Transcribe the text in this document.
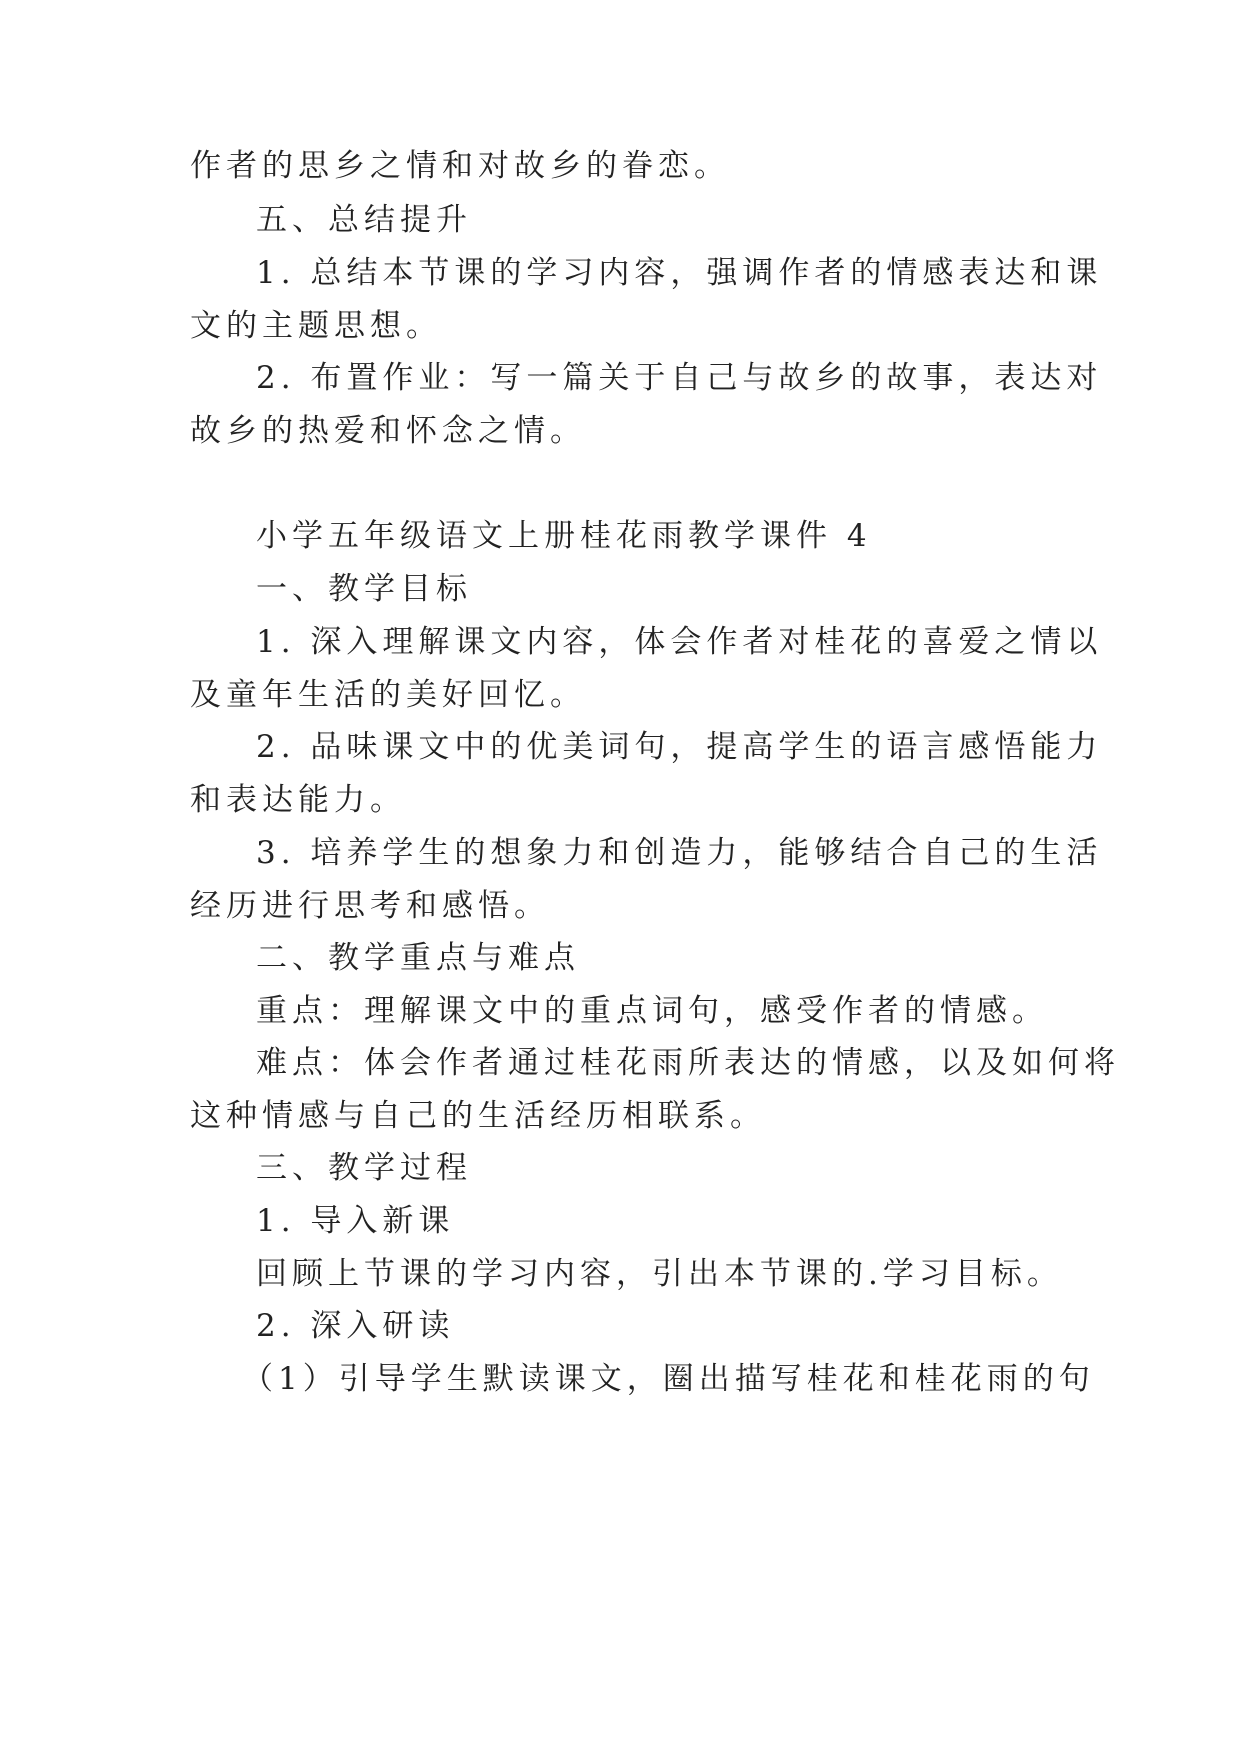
作者的思乡之情和对故乡的眷恋。
五、总结提升
1. 总结本节课的学习内容，强调作者的情感表达和课
文的主题思想。
2. 布置作业：写一篇关于自己与故乡的故事，表达对
故乡的热爱和怀念之情。
小学五年级语文上册桂花雨教学课件 4
一、教学目标
1. 深入理解课文内容，体会作者对桂花的喜爱之情以
及童年生活的美好回忆。
2. 品味课文中的优美词句，提高学生的语言感悟能力
和表达能力。
3. 培养学生的想象力和创造力，能够结合自己的生活
经历进行思考和感悟。
二、教学重点与难点
重点：理解课文中的重点词句，感受作者的情感。
难点：体会作者通过桂花雨所表达的情感，以及如何将
这种情感与自己的生活经历相联系。
三、教学过程
1. 导入新课
回顾上节课的学习内容，引出本节课的.学习目标。
2. 深入研读
（1）引导学生默读课文，圈出描写桂花和桂花雨的句
